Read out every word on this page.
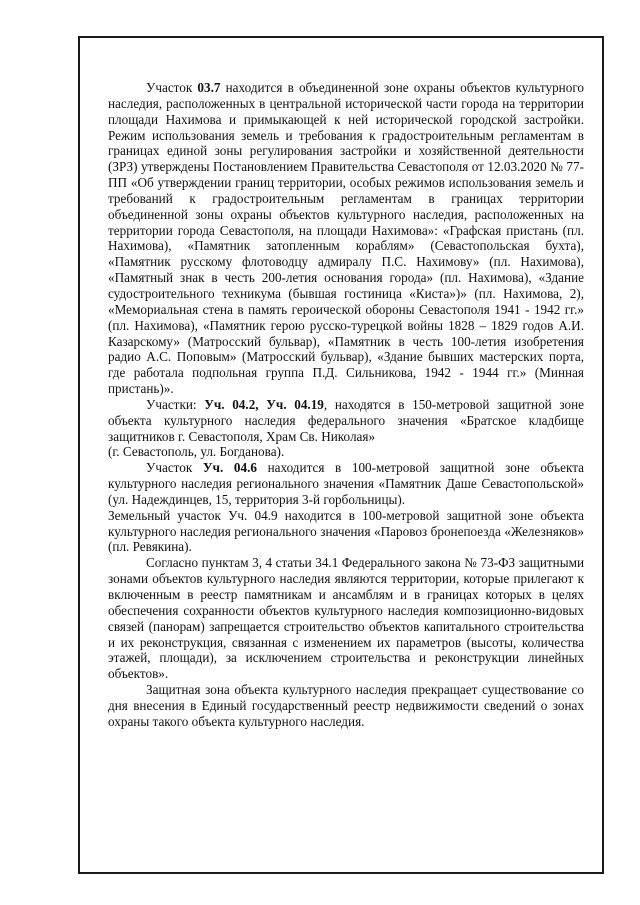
Участок 03.7 находится в объединенной зоне охраны объектов культурного наследия, расположенных в центральной исторической части города на территории площади Нахимова и примыкающей к ней исторической городской застройки. Режим использования земель и требования к градостроительным регламентам в границах единой зоны регулирования застройки и хозяйственной деятельности (ЗРЗ) утверждены Постановлением Правительства Севастополя от 12.03.2020 № 77-ПП «Об утверждении границ территории, особых режимов использования земель и требований к градостроительным регламентам в границах территории объединенной зоны охраны объектов культурного наследия, расположенных на территории города Севастополя, на площади Нахимова»: «Графская пристань (пл. Нахимова), «Памятник затопленным кораблям» (Севастопольская бухта), «Памятник русскому флотоводцу адмиралу П.С. Нахимову» (пл. Нахимова), «Памятный знак в честь 200-летия основания города» (пл. Нахимова), «Здание судостроительного техникума (бывшая гостиница «Киста»)» (пл. Нахимова, 2), «Мемориальная стена в память героической обороны Севастополя 1941 - 1942 гг.» (пл. Нахимова), «Памятник герою русско-турецкой войны 1828 – 1829 годов А.И. Казарскому» (Матросский бульвар), «Памятник в честь 100-летия изобретения радио А.С. Поповым» (Матросский бульвар), «Здание бывших мастерских порта, где работала подпольная группа П.Д. Сильникова, 1942 - 1944 гг.» (Минная пристань)».

Участки: Уч. 04.2, Уч. 04.19, находятся в 150-метровой защитной зоне объекта культурного наследия федерального значения «Братское кладбище защитников г. Севастополя, Храм Св. Николая»

(г. Севастополь, ул. Богданова).

Участок Уч. 04.6 находится в 100-метровой защитной зоне объекта культурного наследия регионального значения «Памятник Даше Севастопольской» (ул. Надеждинцев, 15, территория 3-й горбольницы).

Земельный участок Уч. 04.9 находится в 100-метровой защитной зоне объекта культурного наследия регионального значения «Паровоз бронепоезда «Железняков» (пл. Ревякина).

Согласно пунктам 3, 4 статьи 34.1 Федерального закона № 73-ФЗ защитными зонами объектов культурного наследия являются территории, которые прилегают к включенным в реестр памятникам и ансамблям и в границах которых в целях обеспечения сохранности объектов культурного наследия композиционно-видовых связей (панорам) запрещается строительство объектов капитального строительства и их реконструкция, связанная с изменением их параметров (высоты, количества этажей, площади), за исключением строительства и реконструкции линейных объектов».

Защитная зона объекта культурного наследия прекращает существование со дня внесения в Единый государственный реестр недвижимости сведений о зонах охраны такого объекта культурного наследия.
